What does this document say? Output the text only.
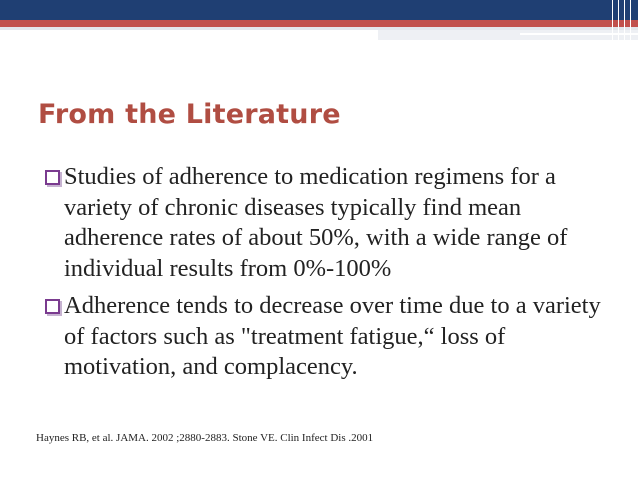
From the Literature
Studies of adherence to medication regimens for a variety of chronic diseases typically find mean adherence rates of about 50%, with a wide range of individual results from 0%-100%
Adherence tends to decrease over time due to a variety of factors such as "treatment fatigue,“ loss of motivation, and complacency.

Haynes RB, et al. JAMA. 2002 ;2880-2883. Stone VE. Clin Infect Dis .2001
